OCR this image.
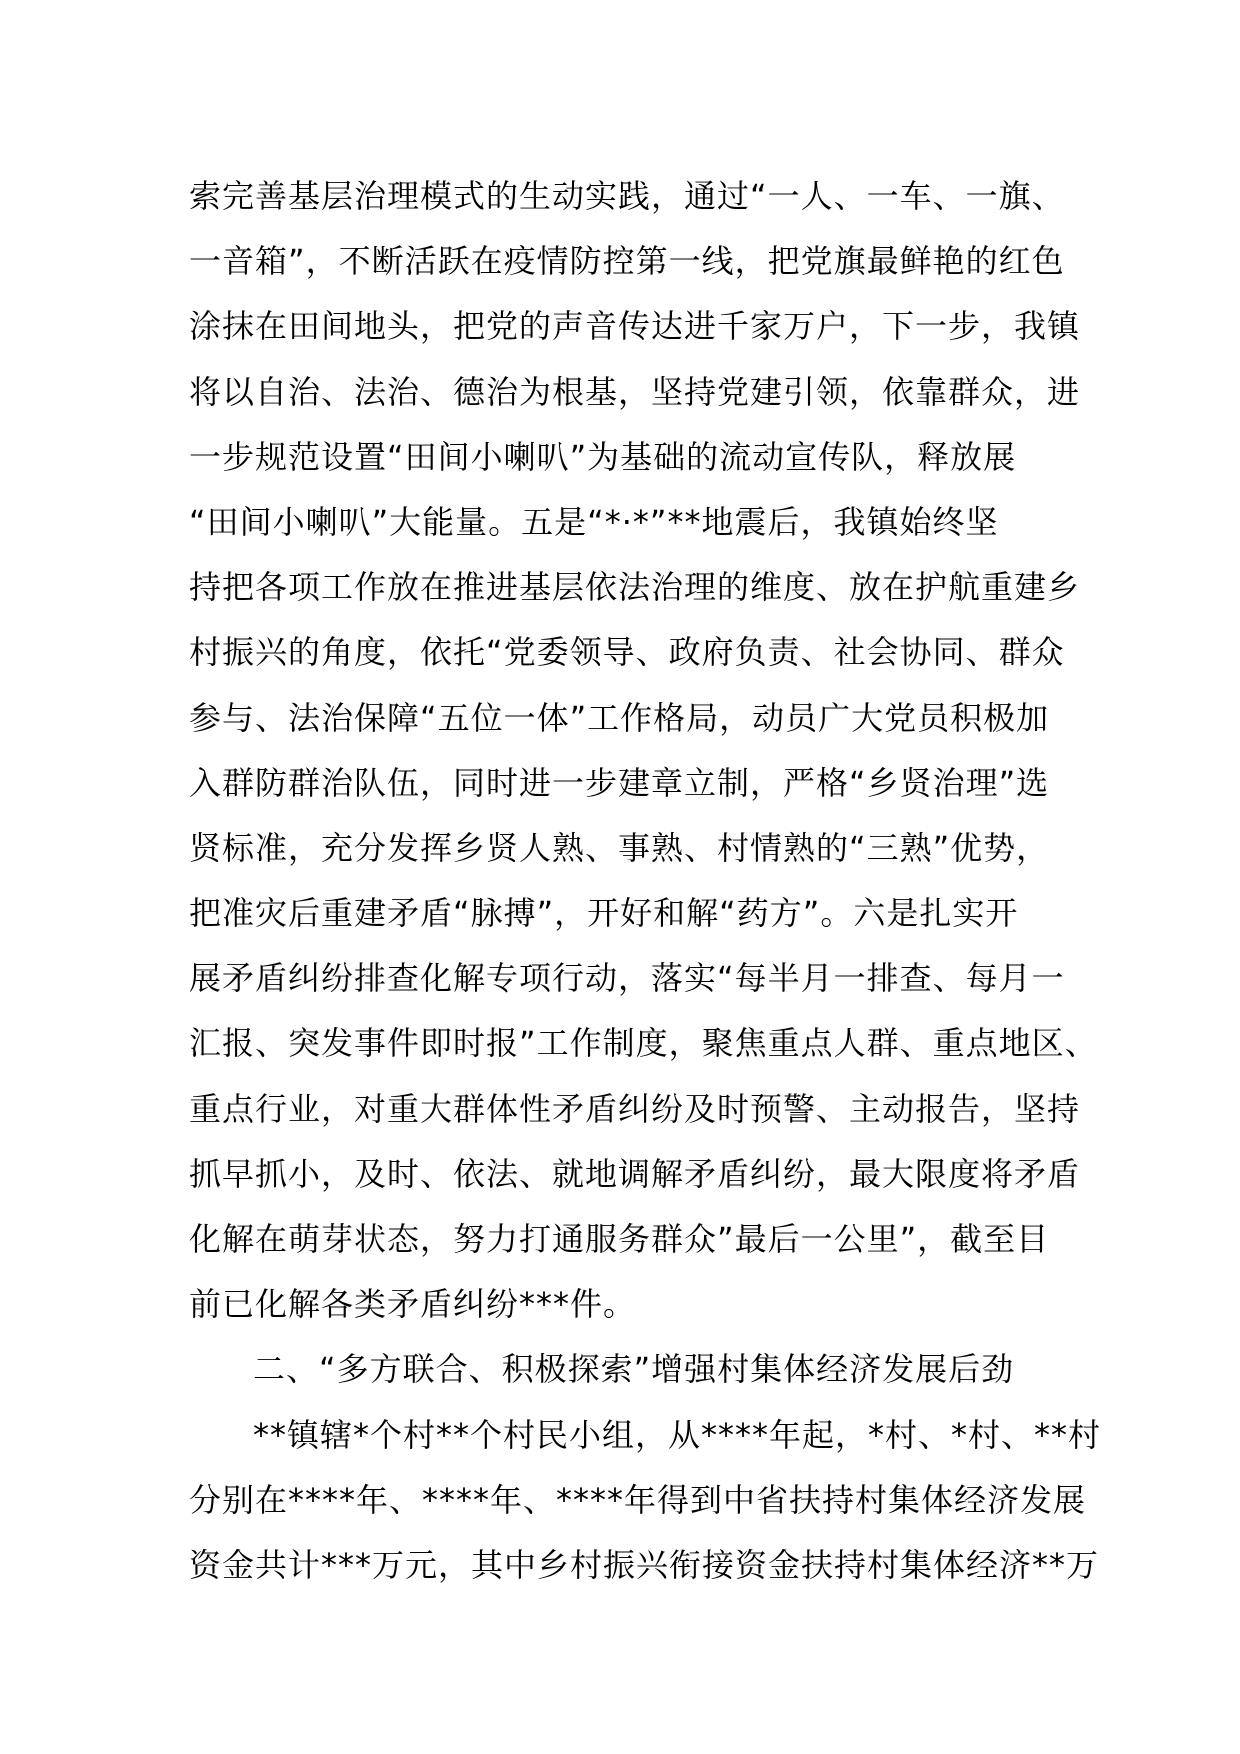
索完善基层治理模式的生动实践，通过“一人、一车、一旗、
一音箱”，不断活跃在疫情防控第一线，把党旗最鲜艳的红色
涂抹在田间地头，把党的声音传达进千家万户，下一步，我镇
将以自治、法治、德治为根基，坚持党建引领，依靠群众，进
一步规范设置“田间小喇叭”为基础的流动宣传队，释放展
“田间小喇叭”大能量。五是“*·*”**地震后，我镇始终坚
持把各项工作放在推进基层依法治理的维度、放在护航重建乡
村振兴的角度，依托“党委领导、政府负责、社会协同、群众
参与、法治保障“五位一体”工作格局，动员广大党员积极加
入群防群治队伍，同时进一步建章立制，严格“乡贤治理”选
贤标准，充分发挥乡贤人熟、事熟、村情熟的“三熟”优势，
把准灾后重建矛盾“脉搏”，开好和解“药方”。六是扎实开
展矛盾纠纷排查化解专项行动，落实“每半月一排查、每月一
汇报、突发事件即时报”工作制度，聚焦重点人群、重点地区、
重点行业，对重大群体性矛盾纠纷及时预警、主动报告，坚持
抓早抓小，及时、依法、就地调解矛盾纠纷，最大限度将矛盾
化解在萌芽状态，努力打通服务群众”最后一公里”，截至目
前已化解各类矛盾纠纷***件。
二、“多方联合、积极探索”增强村集体经济发展后劲
**镇辖*个村**个村民小组，从****年起，*村、*村、**村
分别在****年、****年、****年得到中省扶持村集体经济发展
资金共计***万元，其中乡村振兴衔接资金扶持村集体经济**万
